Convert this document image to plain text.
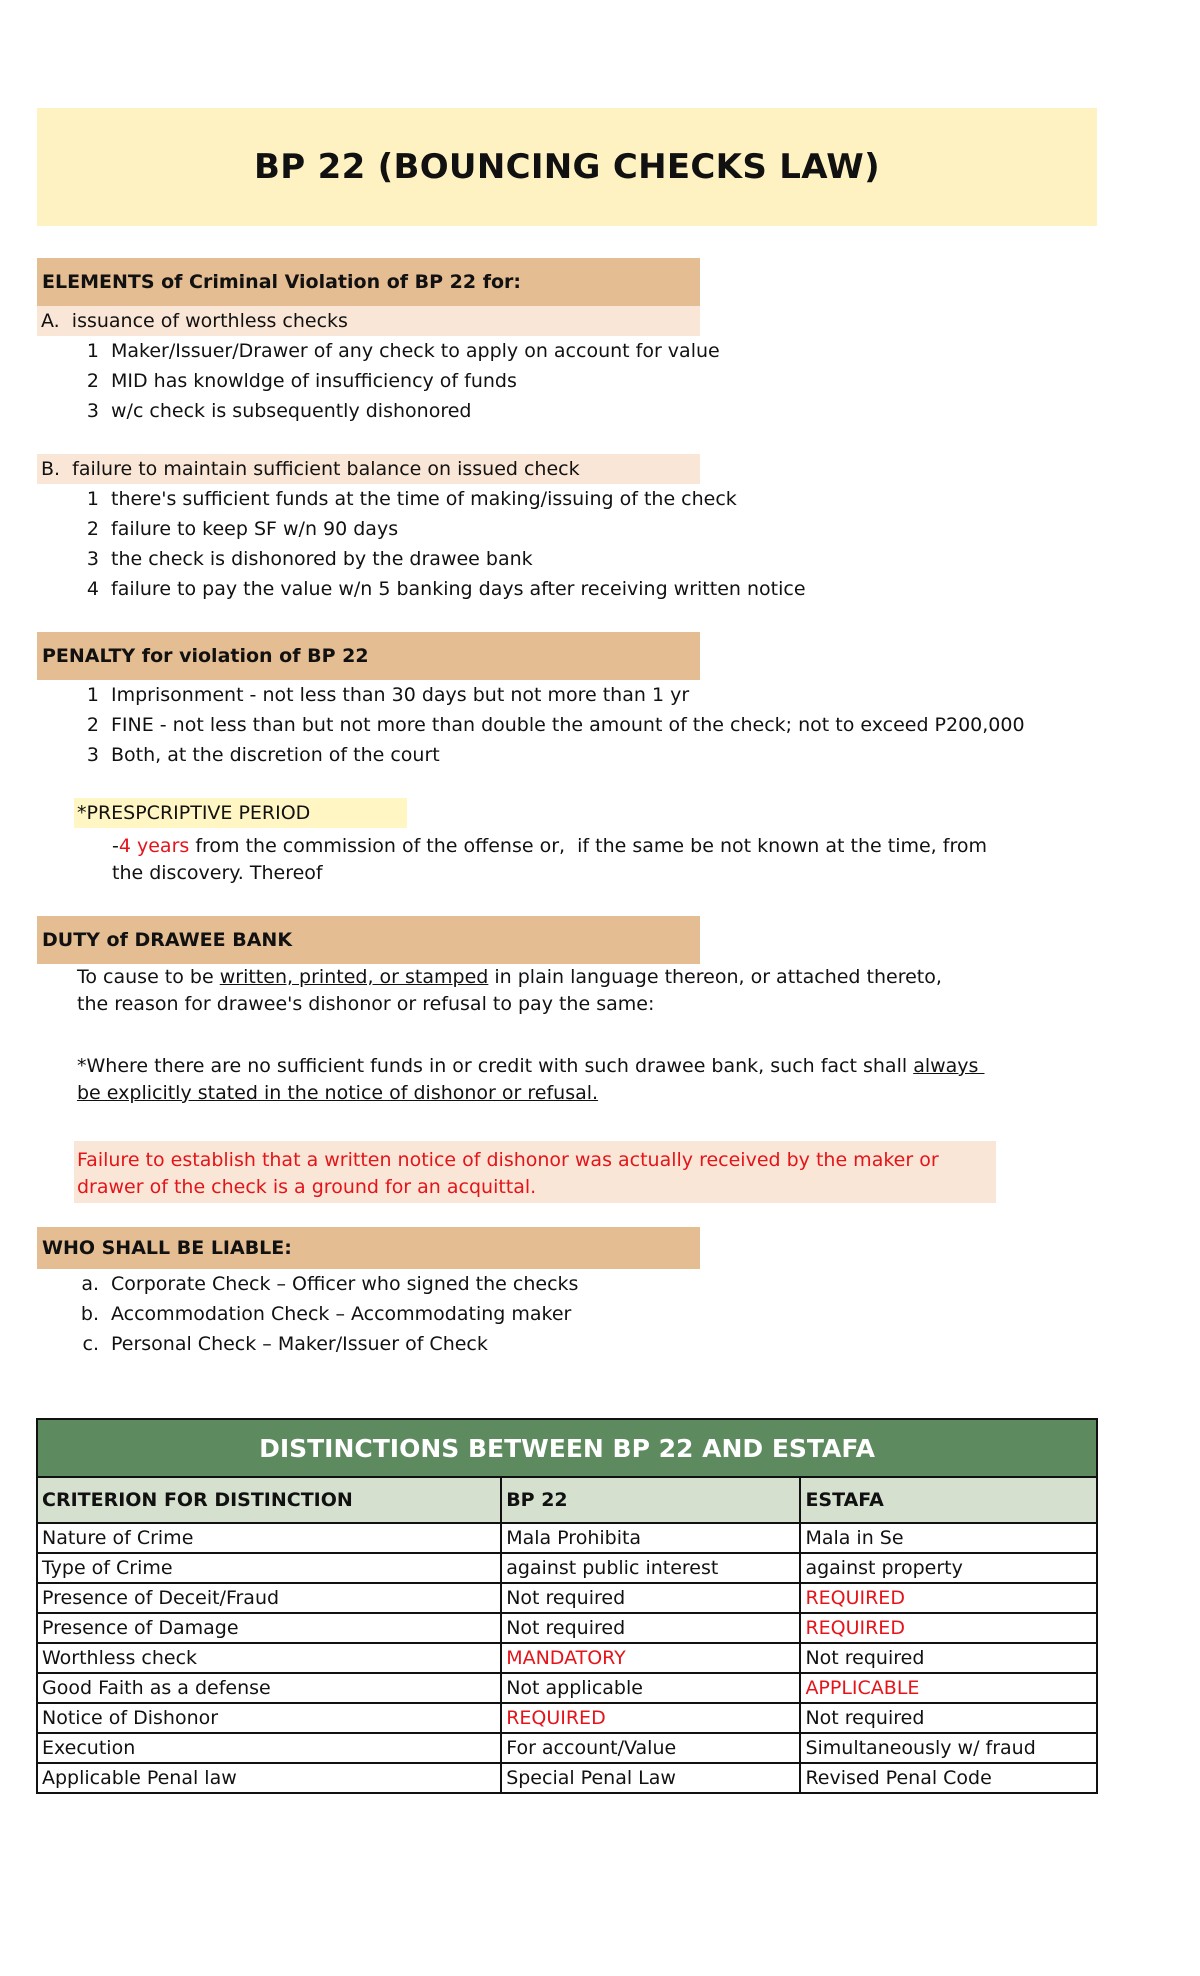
BP 22 (BOUNCING CHECKS LAW)
ELEMENTS of Criminal Violation of BP 22 for:
A. issuance of worthless checks
1 Maker/Issuer/Drawer of any check to apply on account for value
2 MID has knowldge of insufficiency of funds
3 w/c check is subsequently dishonored
B. failure to maintain sufficient balance on issued check
1 there's sufficient funds at the time of making/issuing of the check
2 failure to keep SF w/n 90 days
3 the check is dishonored by the drawee bank
4 failure to pay the value w/n 5 banking days after receiving written notice
PENALTY for violation of BP 22
1 Imprisonment - not less than 30 days but not more than 1 yr
2 FINE - not less than but not more than double the amount of the check; not to exceed P200,000
3 Both, at the discretion of the court
*PRESPCRIPTIVE PERIOD
-4 years from the commission of the offense or,  if the same be not known at the time, from
the discovery. Thereof
DUTY of DRAWEE BANK
To cause to be written, printed, or stamped in plain language thereon, or attached thereto,
the reason for drawee's dishonor or refusal to pay the same:
*Where there are no sufficient funds in or credit with such drawee bank, such fact shall always
be explicitly stated in the notice of dishonor or refusal.
Failure to establish that a written notice of dishonor was actually received by the maker or
drawer of the check is a ground for an acquittal.
WHO SHALL BE LIABLE:
a. Corporate Check – Officer who signed the checks
b. Accommodation Check – Accommodating maker
c. Personal Check – Maker/Issuer of Check
DISTINCTIONS BETWEEN BP 22 AND ESTAFA		
CRITERION FOR DISTINCTION	BP 22	ESTAFA
Nature of Crime	Mala Prohibita	Mala in Se
Type of Crime	against public interest	against property
Presence of Deceit/Fraud	Not required	REQUIRED
Presence of Damage	Not required	REQUIRED
Worthless check	MANDATORY	Not required
Good Faith as a defense	Not applicable	APPLICABLE
Notice of Dishonor	REQUIRED	Not required
Execution	For account/Value	Simultaneously w/ fraud
Applicable Penal law	Special Penal Law	Revised Penal Code
